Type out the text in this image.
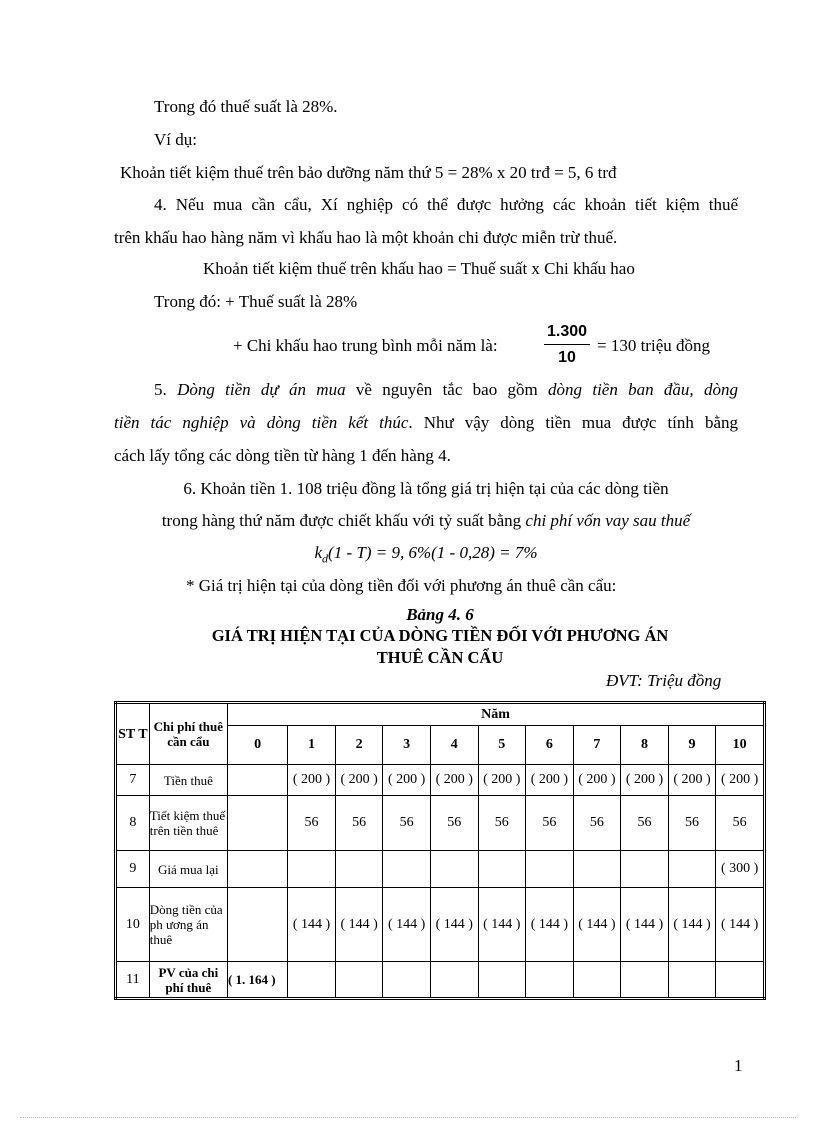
Trong đó thuế suất là 28%.
Ví dụ:
Khoản tiết kiệm thuế trên bảo dưỡng năm thứ 5 = 28% x 20 trđ = 5, 6 trđ
4. Nếu mua cần cẩu, Xí nghiệp có thể được hưởng các khoản tiết kiệm thuế
trên khấu hao hàng năm vì khấu hao là một khoản chi được miễn trừ thuế.
Khoản tiết kiệm thuế trên khấu hao = Thuế suất x Chi khấu hao
Trong đó: + Thuế suất là 28%
+ Chi khấu hao trung bình mỗi năm là:	$\frac{1.300}{10} = 130$ triệu đồng
5. Dòng tiền dự án mua về nguyên tắc bao gồm dòng tiền ban đầu, dòng
tiền tác nghiệp và dòng tiền kết thúc. Như vậy dòng tiền mua được tính bằng
cách lấy tổng các dòng tiền từ hàng 1 đến hàng 4.
6. Khoản tiền 1. 108 triệu đồng là tổng giá trị hiện tại của các dòng tiền
trong hàng thứ năm được chiết khấu với tỷ suất bằng chi phí vốn vay sau thuế
$k_d(1 - T) = 9$, 6%(1 - 0,28) = 7%
* Giá trị hiện tại của dòng tiền đối với phương án thuê cần cẩu:
Bảng 4. 6
GIÁ TRỊ HIỆN TẠI CỦA DÒNG TIỀN ĐỐI VỚI PHƯƠNG ÁN
THUÊ CẦN CẨU
ĐVT: Triệu đồng
ST T	Chi phí thuê cần cẩu	Năm										
		0	1	2	3	4	5	6	7	8	9	10
7	Tiền thuê		( 200 )	( 200 )	( 200 )	( 200 )	( 200 )	( 200 )	( 200 )	( 200 )	( 200 )	( 200 )
8	Tiết kiệm thuế trên tiền thuê		56	56	56	56	56	56	56	56	56	56
9	Giá mua lại											( 300 )
10	Dòng tiền của ph ương án thuê		( 144 )	( 144 )	( 144 )	( 144 )	( 144 )	( 144 )	( 144 )	( 144 )	( 144 )	( 144 )
11	PV của chi phí thuê	( 1. 164 )										
1
